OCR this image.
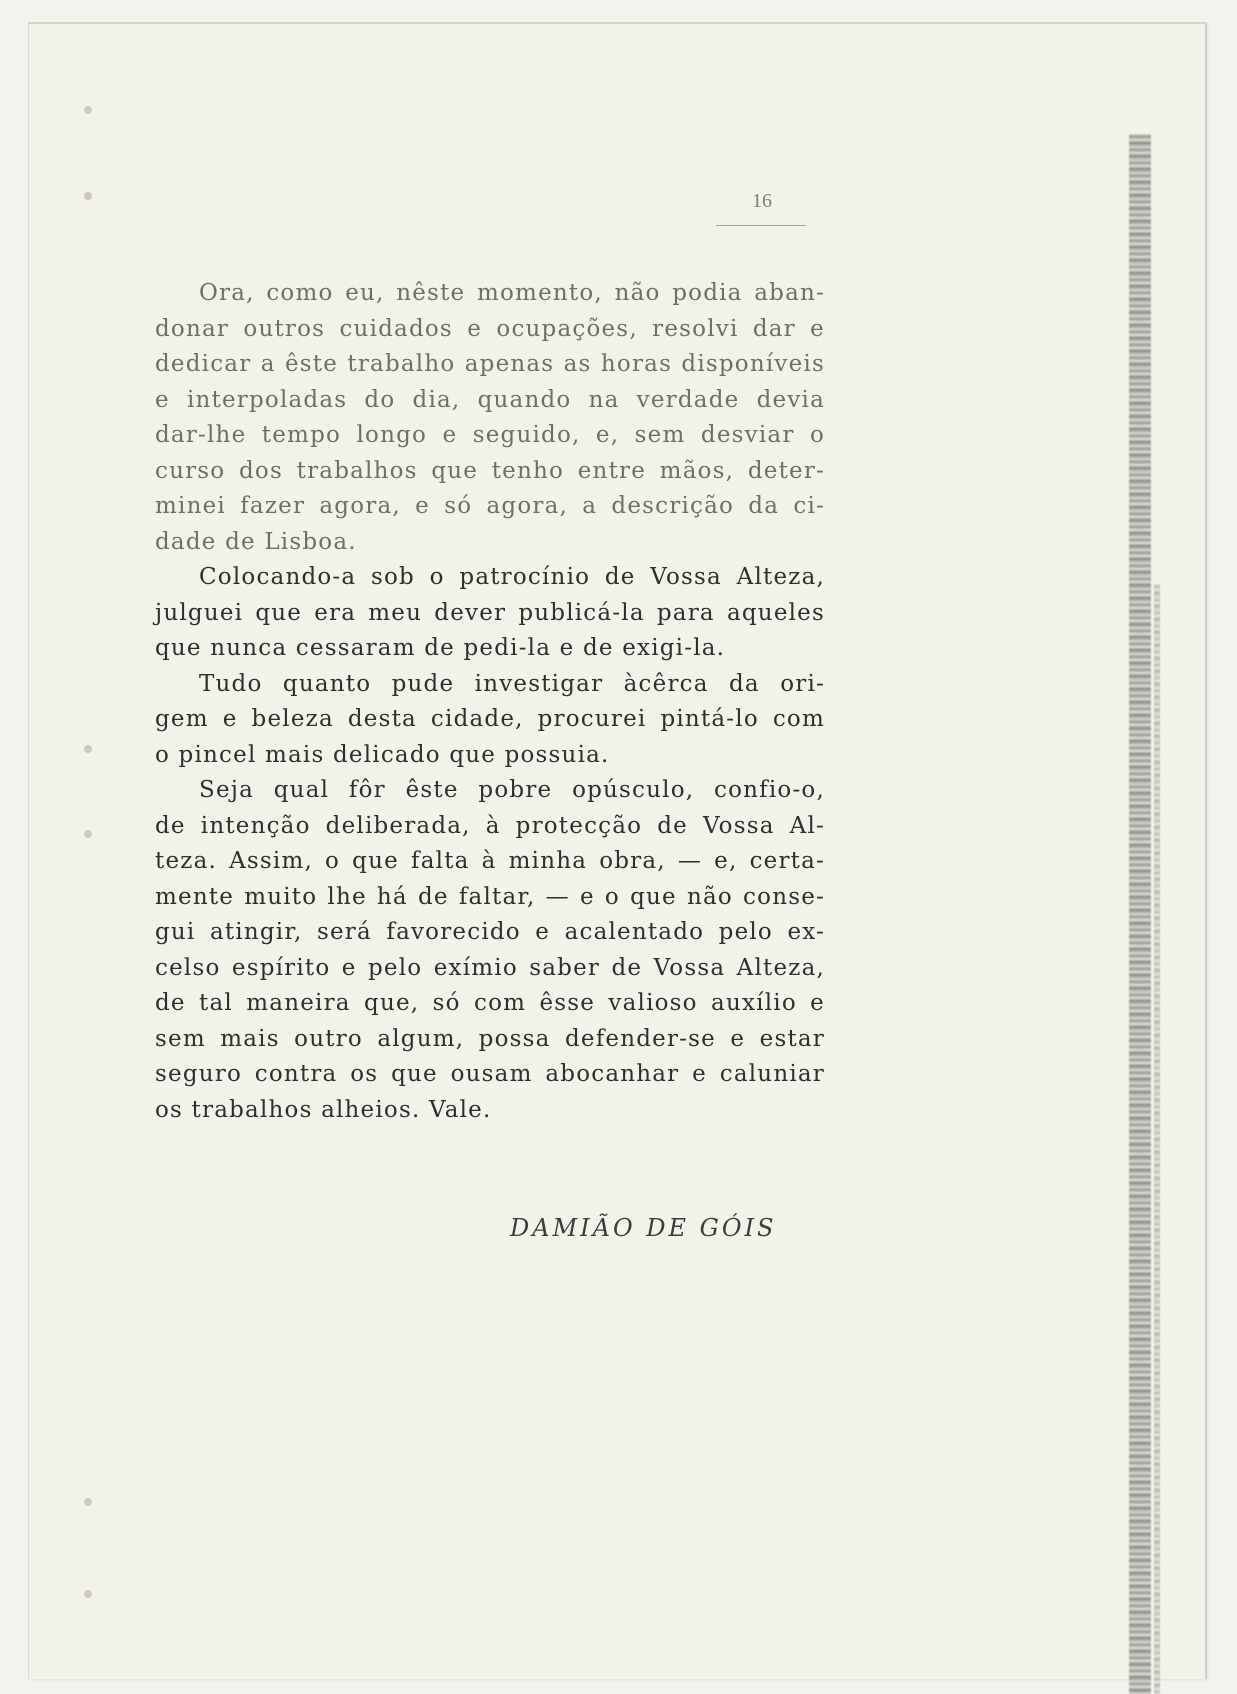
16

Ora, como eu, nêste momento, não podia aban-
donar outros cuidados e ocupações, resolvi dar e
dedicar a êste trabalho apenas as horas disponíveis
e interpoladas do dia, quando na verdade devia
dar-lhe tempo longo e seguido, e, sem desviar o
curso dos trabalhos que tenho entre mãos, deter-
minei fazer agora, e só agora, a descrição da ci-
dade de Lisboa.

Colocando-a sob o patrocínio de Vossa Alteza,
julguei que era meu dever publicá-la para aqueles
que nunca cessaram de pedi-la e de exigi-la.

Tudo quanto pude investigar àcêrca da ori-
gem e beleza desta cidade, procurei pintá-lo com
o pincel mais delicado que possuia.

Seja qual fôr êste pobre opúsculo, confio-o,
de intenção deliberada, à protecção de Vossa Al-
teza. Assim, o que falta à minha obra, — e, certa-
mente muito lhe há de faltar, — e o que não conse-
gui atingir, será favorecido e acalentado pelo ex-
celso espírito e pelo exímio saber de Vossa Alteza,
de tal maneira que, só com êsse valioso auxílio e
sem mais outro algum, possa defender-se e estar
seguro contra os que ousam abocanhar e caluniar
os trabalhos alheios. Vale.

DAMIÃO DE GÓIS
